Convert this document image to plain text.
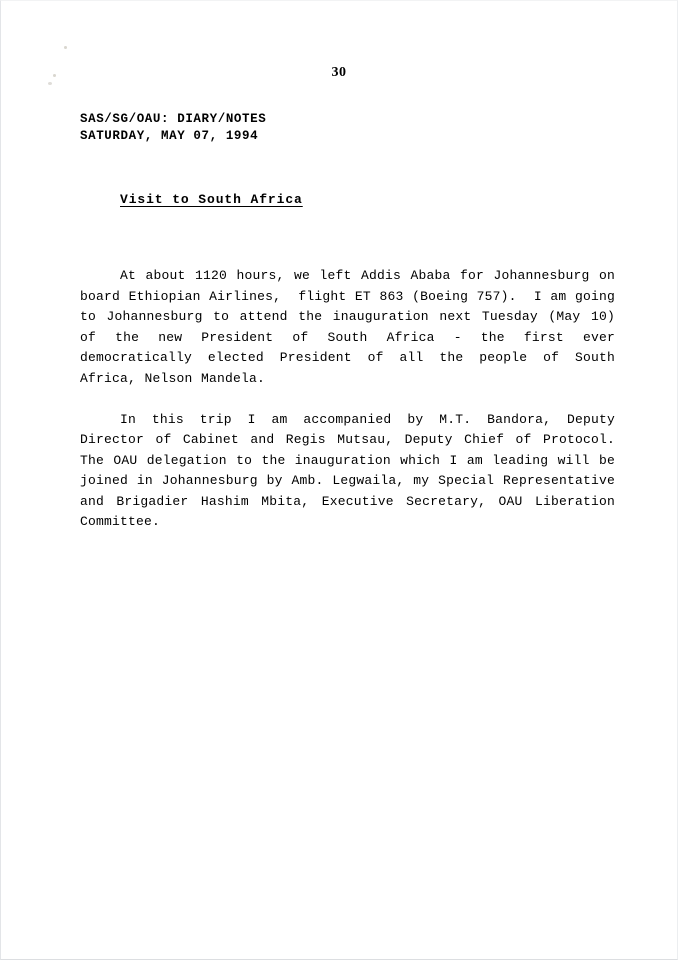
30
SAS/SG/OAU: DIARY/NOTES
SATURDAY, MAY 07, 1994
Visit to South Africa

At about 1120 hours, we left Addis Ababa for Johannesburg on board Ethiopian Airlines,  flight ET 863 (Boeing 757).  I am going to Johannesburg to attend the inauguration next Tuesday (May 10) of the new President of South Africa - the first ever democratically elected President of all the people of South Africa, Nelson Mandela.

In this trip I am accompanied by M.T. Bandora, Deputy Director of Cabinet and Regis Mutsau, Deputy Chief of Protocol.  The OAU delegation to the inauguration which I am leading will be joined in Johannesburg by Amb. Legwaila, my Special Representative and Brigadier Hashim Mbita, Executive Secretary, OAU Liberation Committee.
